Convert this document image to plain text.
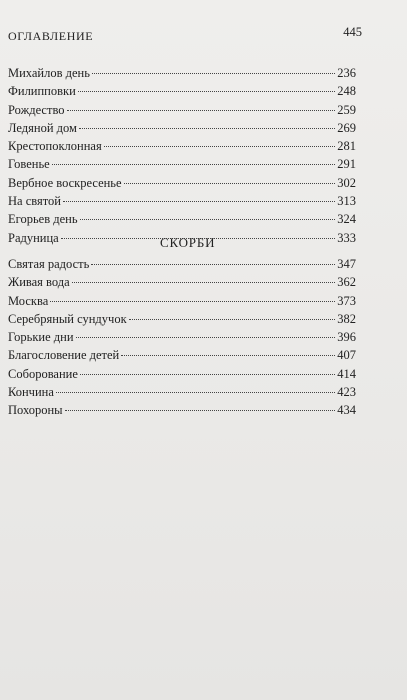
ОГЛАВЛЕНИЕ	445
Михайлов день	236
Филипповки	248
Рождество	259
Ледяной дом	269
Крестопоклонная	281
Говенье	291
Вербное воскресенье	302
На святой	313
Егорьев день	324
Радуница	333
СКОРБИ
Святая радость	347
Живая вода	362
Москва	373
Серебряный сундучок	382
Горькие дни	396
Благословение детей	407
Соборование	414
Кончина	423
Похороны	434
